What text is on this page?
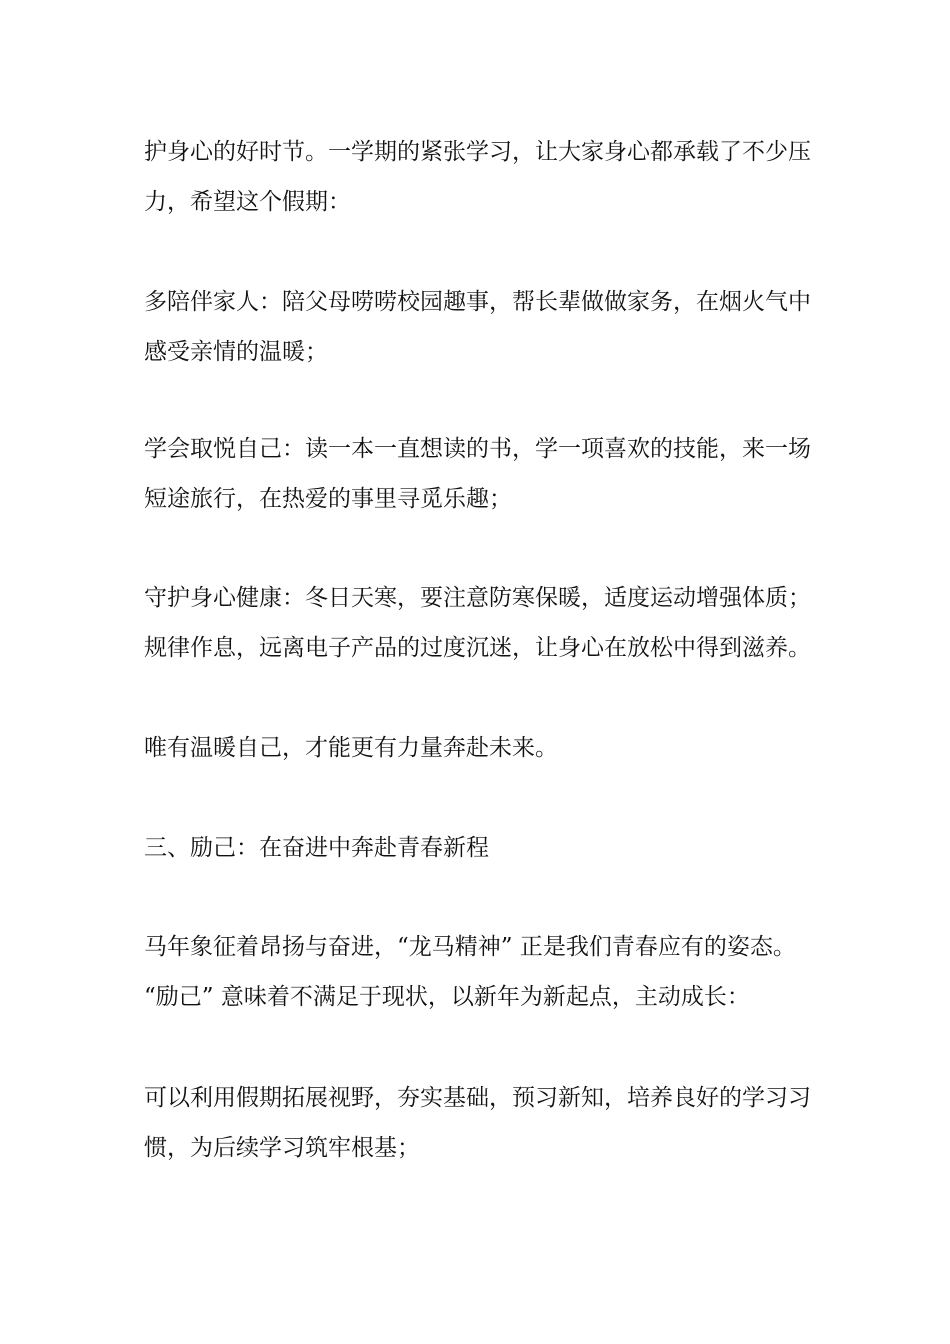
护身心的好时节。一学期的紧张学习，让大家身心都承载了不少压

力，希望这个假期：

多陪伴家人：陪父母唠唠校园趣事，帮长辈做做家务，在烟火气中

感受亲情的温暖；

学会取悦自己：读一本一直想读的书，学一项喜欢的技能，来一场

短途旅行，在热爱的事里寻觅乐趣；

守护身心健康：冬日天寒，要注意防寒保暖，适度运动增强体质；

规律作息，远离电子产品的过度沉迷，让身心在放松中得到滋养。

唯有温暖自己，才能更有力量奔赴未来。

三、励己：在奋进中奔赴青春新程

马年象征着昂扬与奋进，“龙马精神” 正是我们青春应有的姿态。

“励己” 意味着不满足于现状，以新年为新起点，主动成长：

可以利用假期拓展视野，夯实基础，预习新知，培养良好的学习习

惯，为后续学习筑牢根基；
